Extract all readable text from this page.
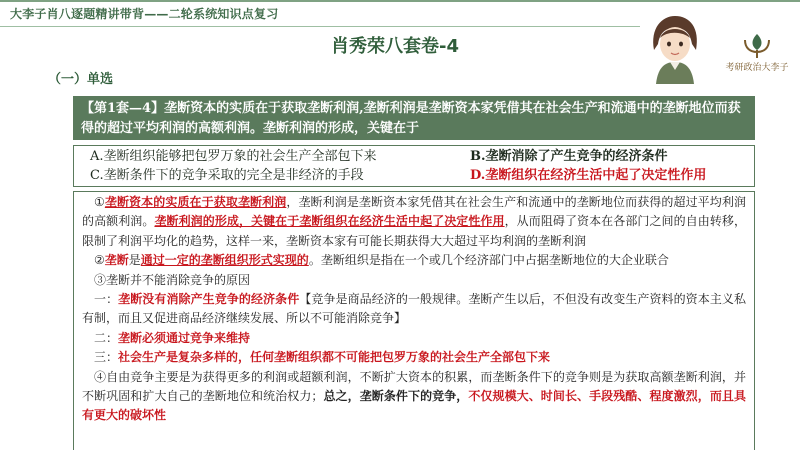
大李子肖八逐题精讲带背——二轮系统知识点复习
肖秀荣八套卷-4
考研政治大李子
（一）单选
【第1套—4】垄断资本的实质在于获取垄断利润,垄断利润是垄断资本家凭借其在社会生产和流通中的垄断地位而获得的超过平均利润的高额利润。垄断利润的形成，关键在于
A.垄断组织能够把包罗万象的社会生产全部包下来	B.垄断消除了产生竞争的经济条件
C.垄断条件下的竞争采取的完全是非经济的手段	D.垄断组织在经济生活中起了决定性作用

①垄断资本的实质在于获取垄断利润，垄断利润是垄断资本家凭借其在社会生产和流通中的垄断地位而获得的超过平均利润的高额利润。垄断利润的形成，关键在于垄断组织在经济生活中起了决定性作用，从而阻碍了资本在各部门之间的自由转移，限制了利润平均化的趋势，这样一来，垄断资本家有可能长期获得大大超过平均利润的垄断利润

②垄断是通过一定的垄断组织形式实现的。垄断组织是指在一个或几个经济部门中占据垄断地位的大企业联合

③垄断并不能消除竞争的原因

一：垄断没有消除产生竞争的经济条件【竞争是商品经济的一般规律。垄断产生以后，不但没有改变生产资料的资本主义私有制，而且又促进商品经济继续发展、所以不可能消除竞争】

二：垄断必须通过竞争来维持

三：社会生产是复杂多样的，任何垄断组织都不可能把包罗万象的社会生产全部包下来

④自由竞争主要是为获得更多的利润或超额利润，不断扩大资本的积累，而垄断条件下的竞争则是为获取高额垄断利润，并不断巩固和扩大自己的垄断地位和统治权力；总之，垄断条件下的竞争，不仅规模大、时间长、手段残酷、程度激烈，而且具有更大的破坏性
